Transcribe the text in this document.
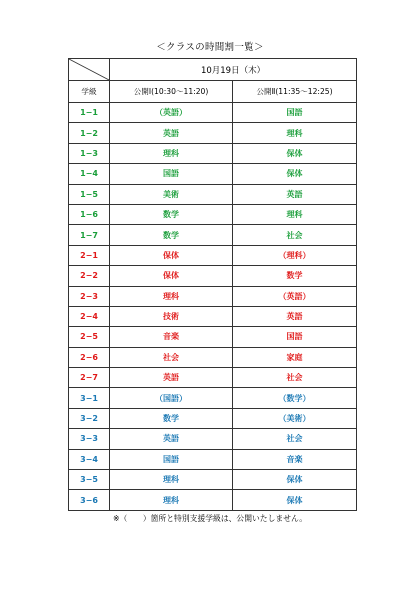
＜クラスの時間割一覧＞
	10月19日（木）	
学級	公開Ⅰ(10:30〜11:20)	公開Ⅱ(11:35〜12:25)
1−1	（英語）	国語
1−2	英語	理科
1−3	理科	保体
1−4	国語	保体
1−5	美術	英語
1−6	数学	理科
1−7	数学	社会
2−1	保体	（理科）
2−2	保体	数学
2−3	理科	（英語）
2−4	技術	英語
2−5	音楽	国語
2−6	社会	家庭
2−7	英語	社会
3−1	（国語）	（数学）
3−2	数学	（美術）
3−3	英語	社会
3−4	国語	音楽
3−5	理科	保体
3−6	理科	保体
※（　　）箇所と特別支援学級は、公開いたしません。
